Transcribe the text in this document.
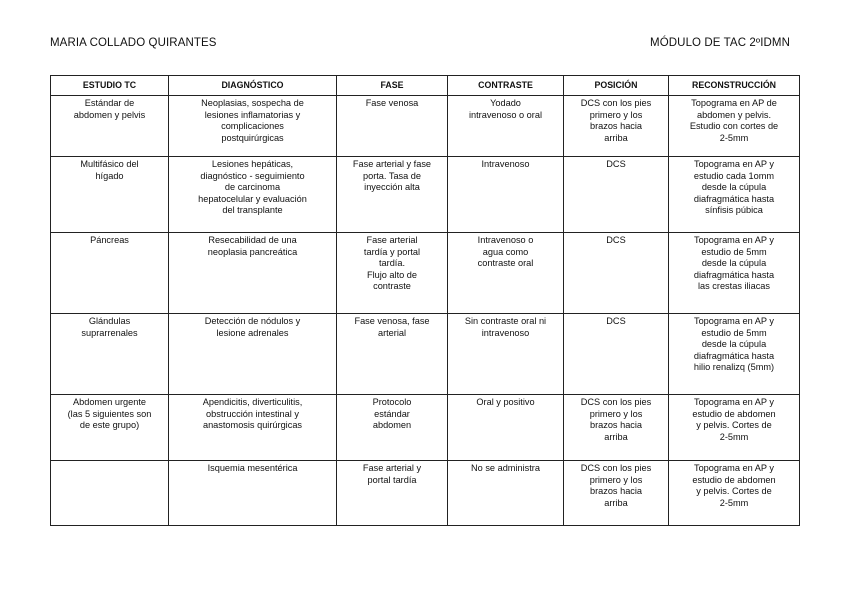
MARIA COLLADO QUIRANTES	MÓDULO DE TAC 2ºIDMN
ESTUDIO TC	DIAGNÓSTICO	FASE	CONTRASTE	POSICIÓN	RECONSTRUCCIÓN

Estándar de
abdomen y pelvis	Neoplasias, sospecha de
lesiones inflamatorias y
complicaciones
postquirúrgicas	Fase venosa	Yodado
intravenoso o oral	DCS con los pies
primero y los
brazos hacia
arriba	Topograma en AP de
abdomen y pelvis.
Estudio con cortes de
2-5mm

Multifásico del
hígado	Lesiones hepáticas,
diagnóstico - seguimiento
de carcinoma
hepatocelular y evaluación
del transplante	Fase arterial y fase
porta. Tasa de
inyección alta	Intravenoso	DCS	Topograma en AP y
estudio cada 1omm
desde la cúpula
diafragmática hasta
sínfisis púbica

Páncreas	Resecabilidad de una
neoplasia pancreática	Fase arterial
tardía y portal
tardía.
Flujo alto de
contraste	Intravenoso o
agua como
contraste oral	DCS	Topograma en AP y
estudio de 5mm
desde la cúpula
diafragmática hasta
las crestas iliacas

Glándulas
suprarrenales	Detección de nódulos y
lesione adrenales	Fase venosa, fase
arterial	Sin contraste oral ni
intravenoso	DCS	Topograma en AP y
estudio de 5mm
desde la cúpula
diafragmática hasta
hilio renalizq (5mm)

Abdomen urgente
(las 5 siguientes son
de este grupo)	Apendicitis, diverticulitis,
obstrucción intestinal y
anastomosis quirúrgicas	Protocolo
estándar
abdomen	Oral y positivo	DCS con los pies
primero y los
brazos hacia
arriba	Topograma en AP y
estudio de abdomen
y pelvis. Cortes de
2-5mm

	Isquemia mesentérica	Fase arterial y
portal tardía	No se administra	DCS con los pies
primero y los
brazos hacia
arriba	Topograma en AP y
estudio de abdomen
y pelvis. Cortes de
2-5mm
